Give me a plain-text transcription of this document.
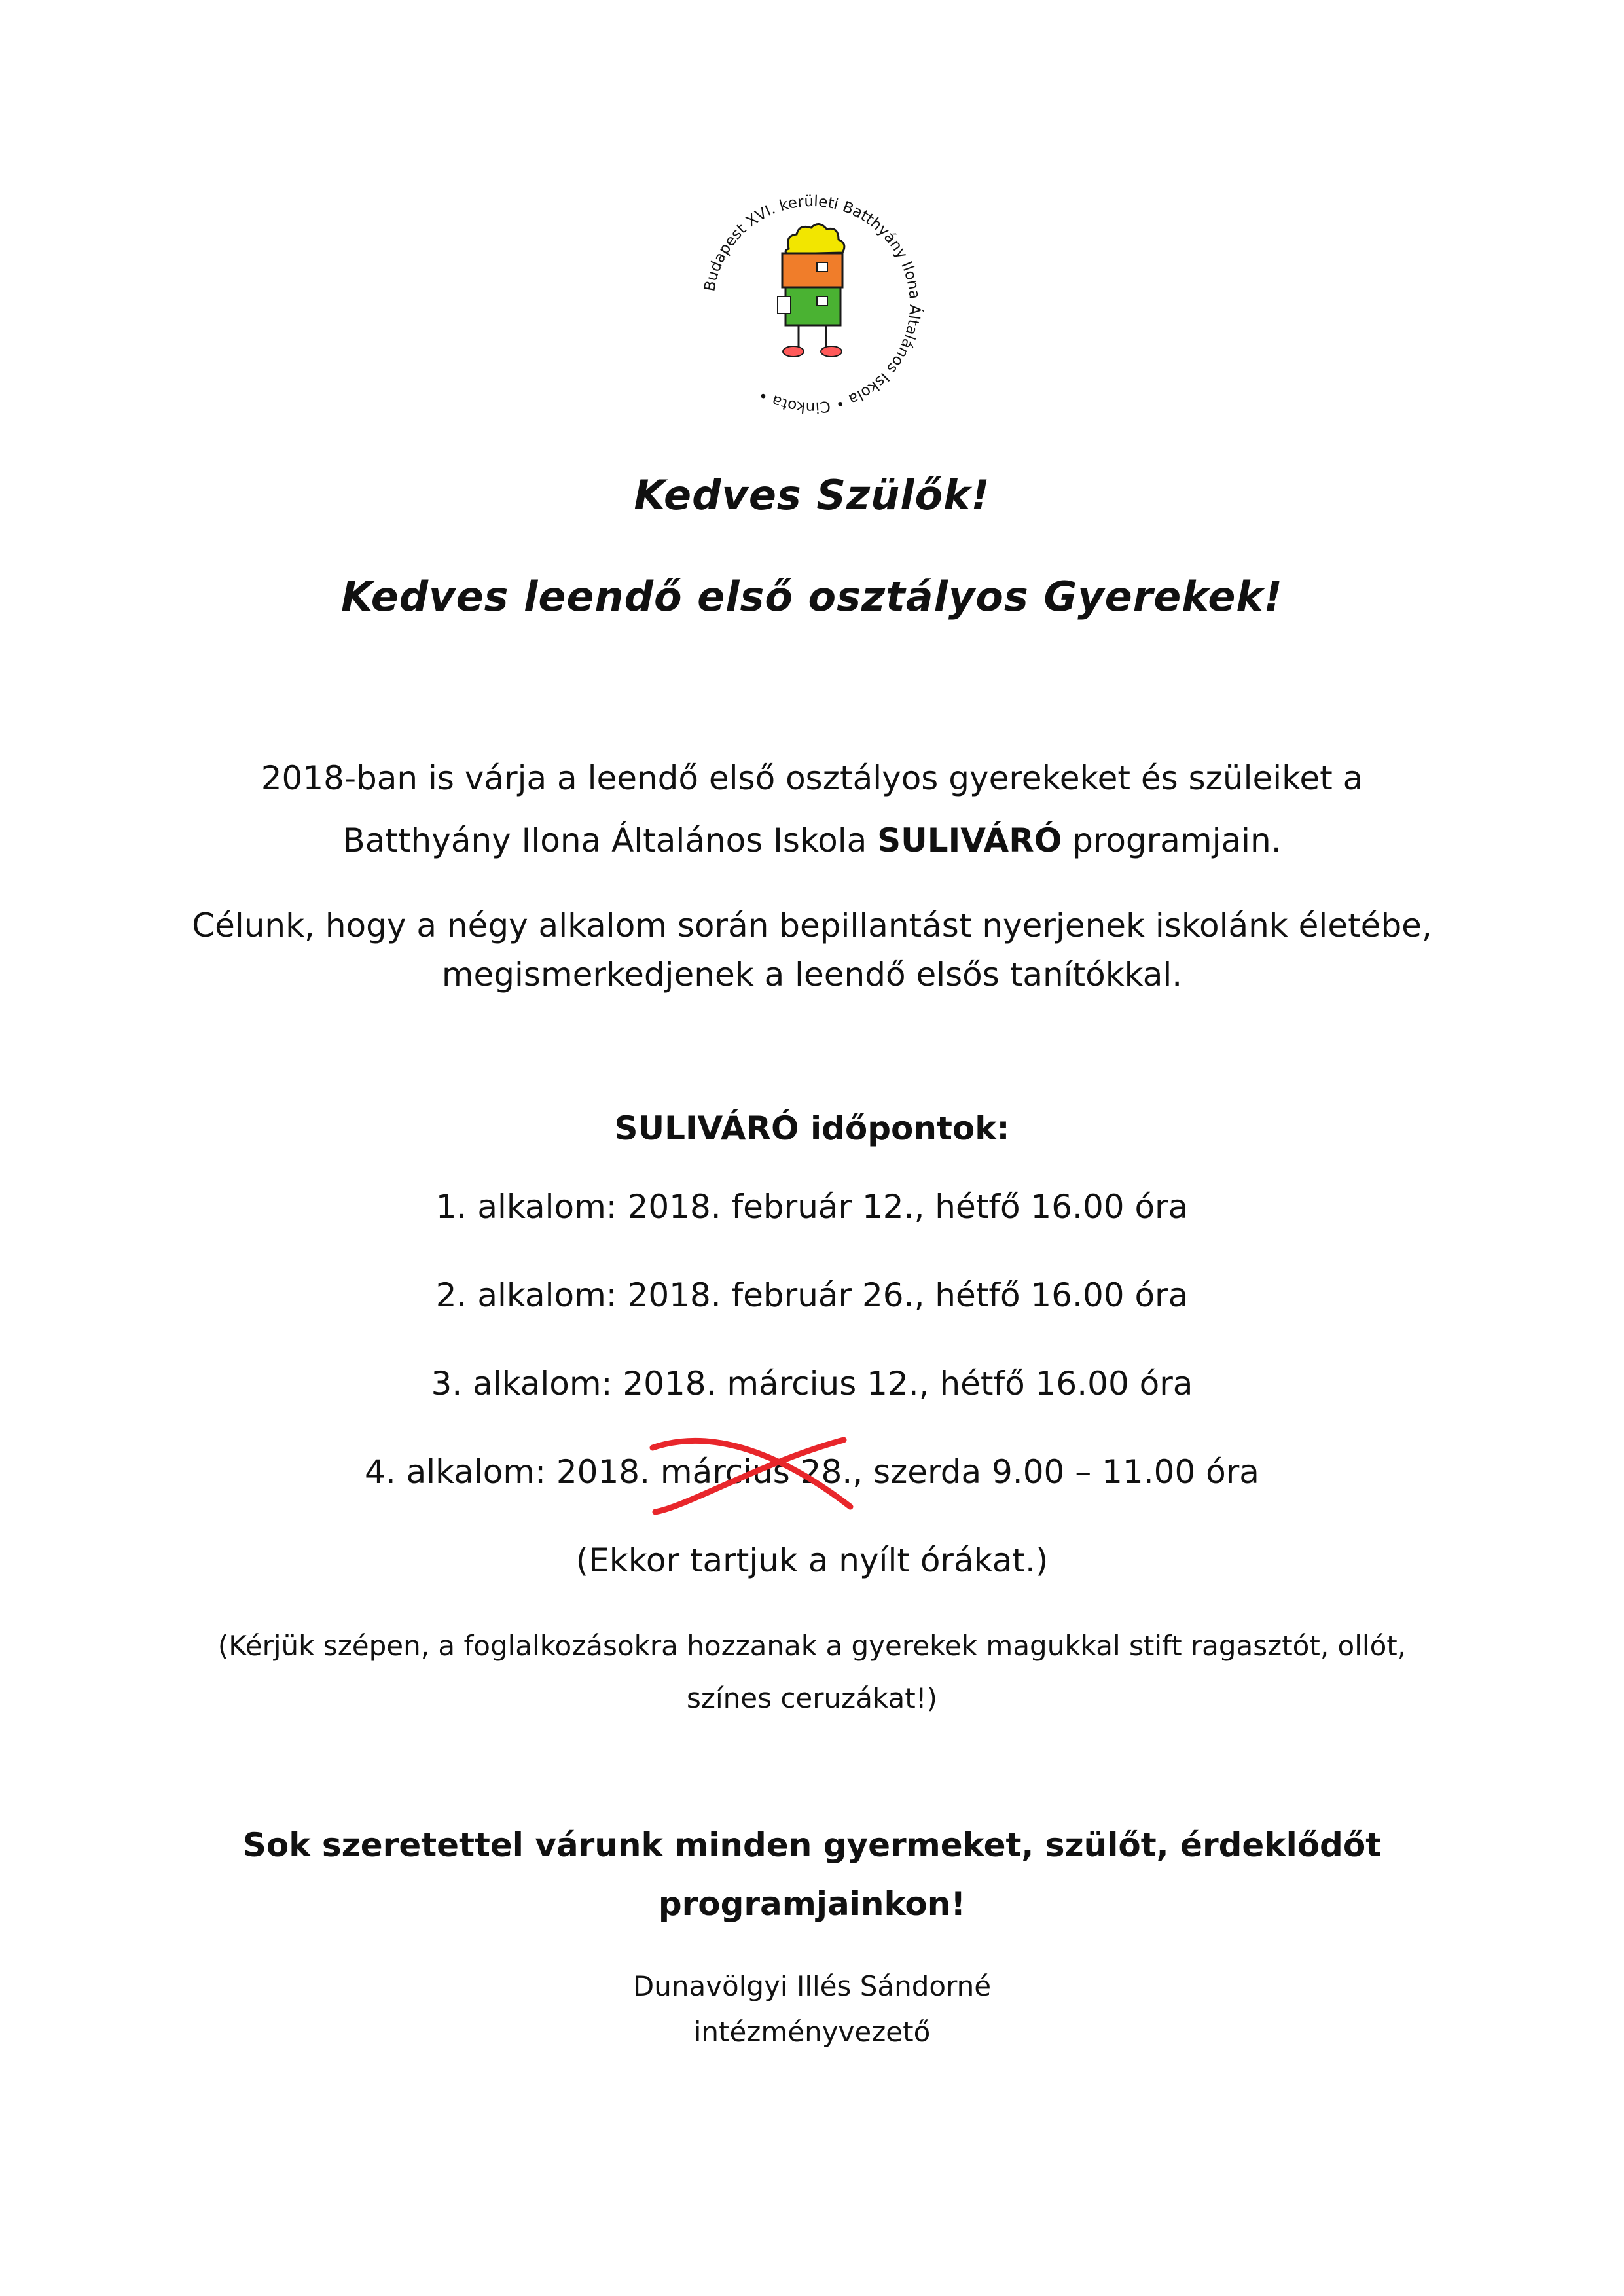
Budapest XVI. kerületi Batthyány Ilona Általános Iskola • Cinkota •
Kedves Szülők!
Kedves leendő első osztályos Gyerekek!
2018-ban is várja a leendő első osztályos gyerekeket és szüleiket a
Batthyány Ilona Általános Iskola SULIVÁRÓ programjain.
Célunk, hogy a négy alkalom során bepillantást nyerjenek iskolánk életébe,
megismerkedjenek a leendő elsős tanítókkal.
SULIVÁRÓ időpontok:
1. alkalom: 2018. február 12., hétfő 16.00 óra
2. alkalom: 2018. február 26., hétfő 16.00 óra
3. alkalom: 2018. március 12., hétfő 16.00 óra
4. alkalom: 2018. március 28
., szerda 9.00 – 11.00 óra
(Ekkor tartjuk a nyílt órákat.)
(Kérjük szépen, a foglalkozásokra hozzanak a gyerekek magukkal stift ragasztót, ollót,
színes ceruzákat!)
Sok szeretettel várunk minden gyermeket, szülőt, érdeklődőt
programjainkon!
Dunavölgyi Illés Sándorné
intézményvezető
